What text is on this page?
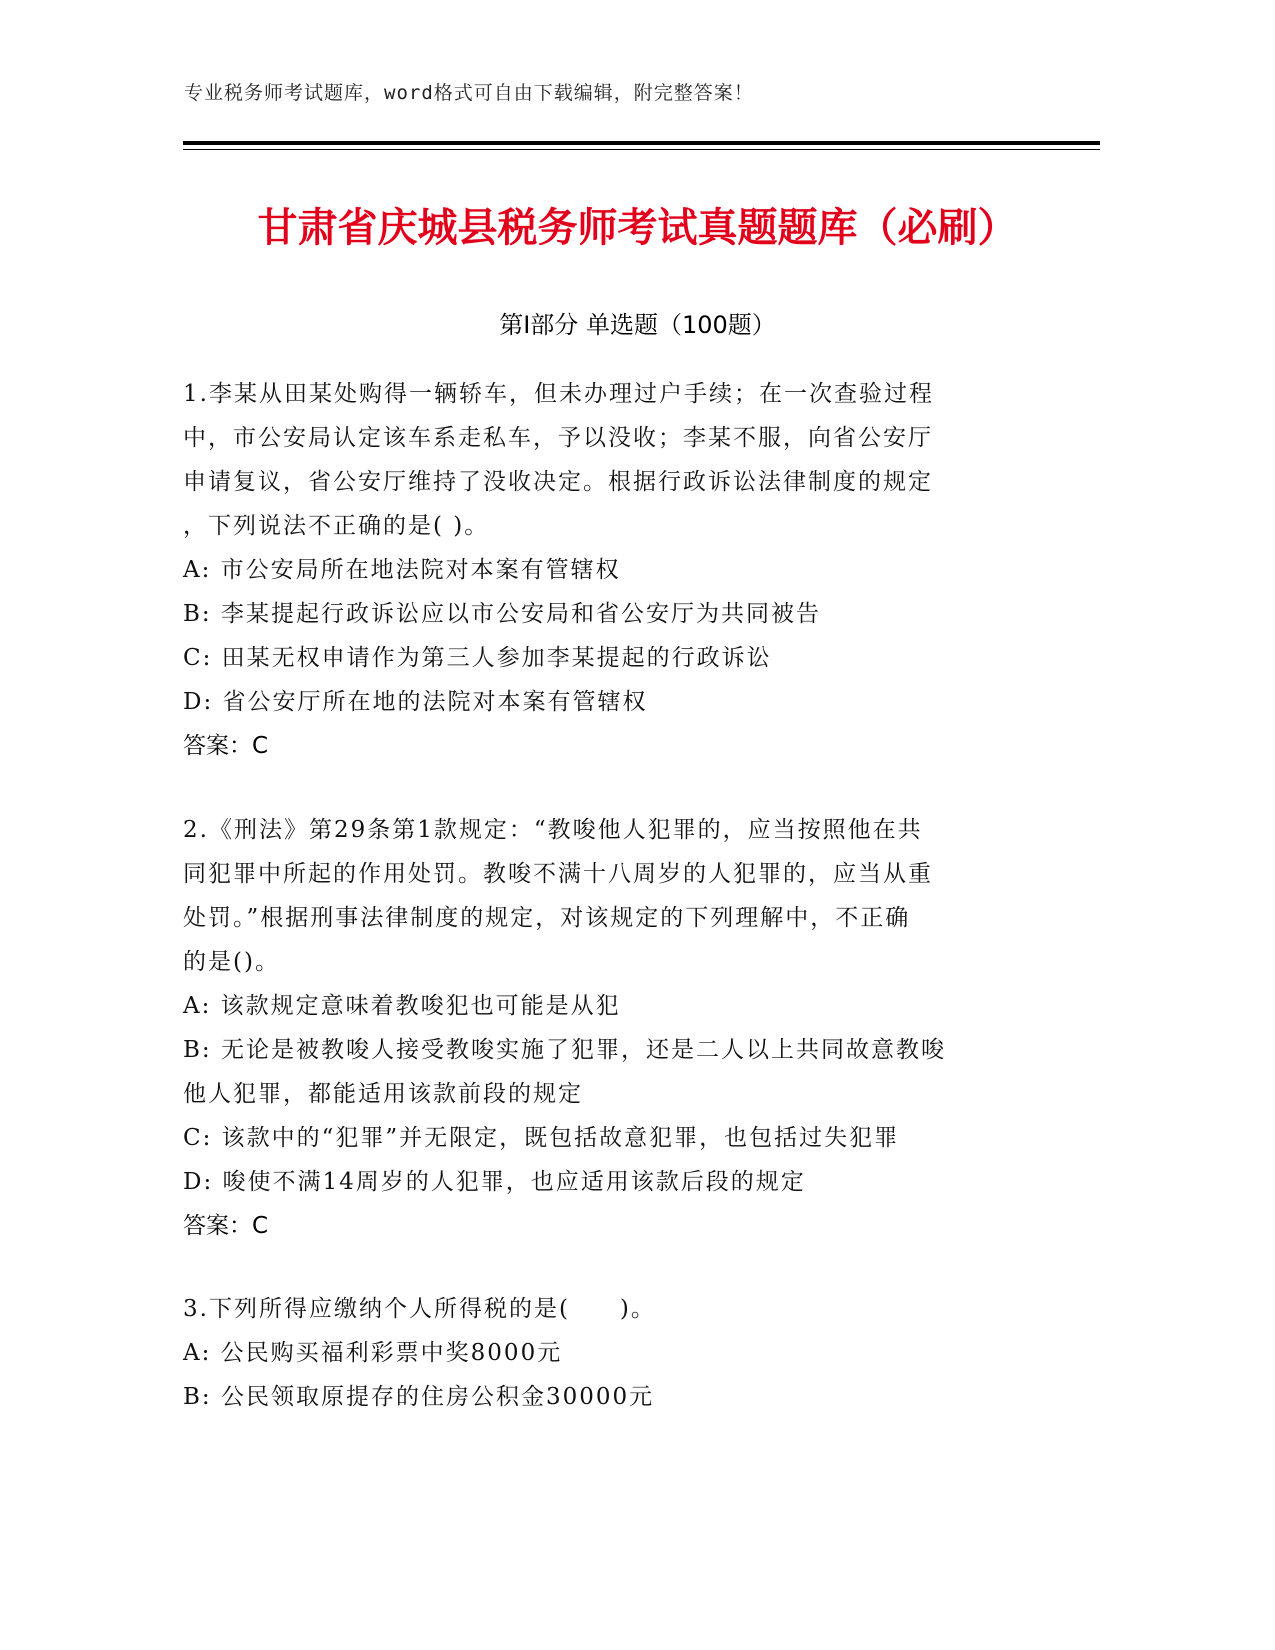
专业税务师考试题库，word格式可自由下载编辑，附完整答案！
甘肃省庆城县税务师考试真题题库（必刷）
第Ⅰ部分 单选题（100题）
1.李某从田某处购得一辆轿车，但未办理过户手续；在一次查验过程
中，市公安局认定该车系走私车，予以没收；李某不服，向省公安厅
申请复议，省公安厅维持了没收决定。根据行政诉讼法律制度的规定
，下列说法不正确的是( )。
A: 市公安局所在地法院对本案有管辖权
B: 李某提起行政诉讼应以市公安局和省公安厅为共同被告
C: 田某无权申请作为第三人参加李某提起的行政诉讼
D: 省公安厅所在地的法院对本案有管辖权
答案：C
2.《刑法》第29条第1款规定：“教唆他人犯罪的，应当按照他在共
同犯罪中所起的作用处罚。教唆不满十八周岁的人犯罪的，应当从重
处罚。”根据刑事法律制度的规定，对该规定的下列理解中，不正确
的是()。
A: 该款规定意味着教唆犯也可能是从犯
B: 无论是被教唆人接受教唆实施了犯罪，还是二人以上共同故意教唆
他人犯罪，都能适用该款前段的规定
C: 该款中的“犯罪”并无限定，既包括故意犯罪，也包括过失犯罪
D: 唆使不满14周岁的人犯罪，也应适用该款后段的规定
答案：C
3.下列所得应缴纳个人所得税的是(　　)。
A: 公民购买福利彩票中奖8000元
B: 公民领取原提存的住房公积金30000元
